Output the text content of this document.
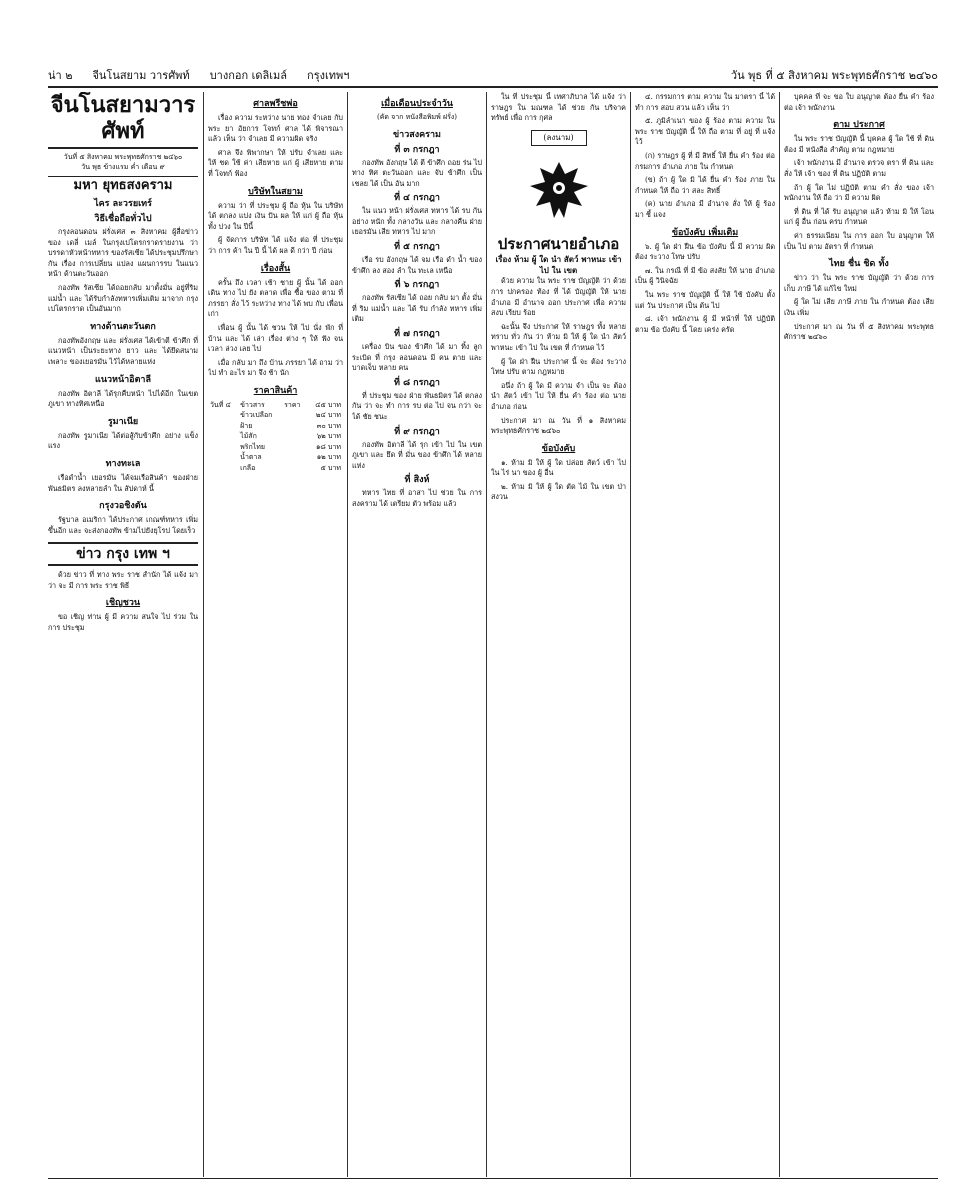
น่า ๒ จีนโนสยาม วารศัพท์ บางกอก เดลิเมล์ กรุงเทพฯ	วัน พุธ ที่ ๕ สิงหาคม พระพุทธศักราช ๒๔๖๐
จีนโนสยามวารศัพท์
วันที่ ๕ สิงหาคม พระพุทธศักราช ๒๔๖๐
วัน พุธ ข้างแรม ค่ำ เดือน ๙
มหา ยุทธสงคราม
ไคร ละวรยเทร์
วิธีเชื่อถือทั่วไป

กรุงลอนดอน ฝรั่งเศส ๓ สิงหาคม ผู้สื่อข่าวของ เดลี่ เมล์ ในกรุงเปโตรกราดรายงาน ว่า บรรดาหัวหน้าทหาร ของรัสเซีย ได้ประชุมปรึกษากัน เรื่อง การเปลี่ยน แปลง แผนการรบ ในแนวหน้า ด้านตะวันออก

กองทัพ รัสเซีย ได้ถอยกลับ มาตั้งมั่น อยู่ที่ริมแม่น้ำ และ ได้รับกำลังทหารเพิ่มเติม มาจาก กรุงเปโตรกราด เป็นอันมาก

ทางด้านตะวันตก

กองทัพอังกฤษ และ ฝรั่งเศส ได้เข้าตี ข้าศึก ที่แนวหน้า เป็นระยะทาง ยาว และ ได้ยึดสนามเพลาะ ของเยอรมัน ไว้ได้หลายแห่ง

แนวหน้าอิตาลี

กองทัพ อิตาลี ได้รุกคืบหน้า ไปได้อีก ในเขต ภูเขา ทางทิศเหนือ

รูมาเนีย

กองทัพ รูมาเนีย ได้ต่อสู้กับข้าศึก อย่าง แข็งแรง

ทางทะเล

เรือดำน้ำ เยอรมัน ได้จมเรือสินค้า ของฝ่ายพันธมิตร ลงหลายลำ ใน สัปดาห์ นี้

กรุงวอชิงตัน

รัฐบาล อเมริกา ได้ประกาศ เกณฑ์ทหาร เพิ่มขึ้นอีก และ จะส่งกองทัพ ข้ามไปยังยุโรป โดยเร็ว

ข่าว กรุง เทพ ฯ

ด้วย ข่าว ที่ ทาง พระ ราช สำนัก ได้ แจ้ง มา ว่า จะ มี การ พระ ราช พิธี

เชิญชวน

ขอ เชิญ ท่าน ผู้ มี ความ สนใจ ไป ร่วม ใน การ ประชุม

ศาลพรีชพ่อ

เรื่อง ความ ระหว่าง นาย ทอง จำเลย กับ พระ ยา อัยการ โจทก์ ศาล ได้ พิจารณา แล้ว เห็น ว่า จำเลย มี ความผิด จริง

ศาล จึง พิพากษา ให้ ปรับ จำเลย และ ให้ ชด ใช้ ค่า เสียหาย แก่ ผู้ เสียหาย ตาม ที่ โจทก์ ฟ้อง

บริษัทในสยาม

ความ ว่า ที่ ประชุม ผู้ ถือ หุ้น ใน บริษัท ได้ ตกลง แบ่ง เงิน ปัน ผล ให้ แก่ ผู้ ถือ หุ้น ทั้ง ปวง ใน ปีนี้

ผู้ จัดการ บริษัท ได้ แจ้ง ต่อ ที่ ประชุม ว่า การ ค้า ใน ปี นี้ ได้ ผล ดี กว่า ปี ก่อน

เรื่องสั้น

ครั้น ถึง เวลา เช้า ชาย ผู้ นั้น ได้ ออก เดิน ทาง ไป ยัง ตลาด เพื่อ ซื้อ ของ ตาม ที่ ภรรยา สั่ง ไว้ ระหว่าง ทาง ได้ พบ กับ เพื่อน เก่า

เพื่อน ผู้ นั้น ได้ ชวน ให้ ไป นั่ง พัก ที่ บ้าน และ ได้ เล่า เรื่อง ต่าง ๆ ให้ ฟัง จน เวลา ล่วง เลย ไป

เมื่อ กลับ มา ถึง บ้าน ภรรยา ได้ ถาม ว่า ไป ทำ อะไร มา จึง ช้า นัก

ราคาสินค้า
วันที่ ๔	ข้าวสาร	ราคา	๔๕ บาท
	ข้าวเปลือก		๒๔ บาท
	ฝ้าย		๓๐ บาท
	ไม้สัก		๖๒ บาท
	พริกไทย		๑๘ บาท
	น้ำตาล		๑๒ บาท
	เกลือ		๕ บาท
เมื่อเดือนประจำวัน
(คัด จาก หนังสือพิมพ์ ฝรั่ง)
ข่าวสงคราม
ที่ ๓ กรกฎา

กองทัพ อังกฤษ ได้ ตี ข้าศึก ถอย ร่น ไป ทาง ทิศ ตะวันออก และ จับ ข้าศึก เป็น เชลย ได้ เป็น อัน มาก

ที่ ๔ กรกฎา

ใน แนว หน้า ฝรั่งเศส ทหาร ได้ รบ กัน อย่าง หนัก ทั้ง กลางวัน และ กลางคืน ฝ่าย เยอรมัน เสีย ทหาร ไป มาก

ที่ ๕ กรกฎา

เรือ รบ อังกฤษ ได้ จม เรือ ดำ น้ำ ของ ข้าศึก ลง สอง ลำ ใน ทะเล เหนือ

ที่ ๖ กรกฎา

กองทัพ รัสเซีย ได้ ถอย กลับ มา ตั้ง มั่น ที่ ริม แม่น้ำ และ ได้ รับ กำลัง ทหาร เพิ่ม เติม

ที่ ๗ กรกฎา

เครื่อง บิน ของ ข้าศึก ได้ มา ทิ้ง ลูก ระเบิด ที่ กรุง ลอนดอน มี คน ตาย และ บาดเจ็บ หลาย คน

ที่ ๘ กรกฎา

ที่ ประชุม ของ ฝ่าย พันธมิตร ได้ ตกลง กัน ว่า จะ ทำ การ รบ ต่อ ไป จน กว่า จะ ได้ ชัย ชนะ

ที่ ๙ กรกฎา

กองทัพ อิตาลี ได้ รุก เข้า ไป ใน เขต ภูเขา และ ยึด ที่ มั่น ของ ข้าศึก ได้ หลาย แห่ง

ที่ สิงห์

ทหาร ไทย ที่ อาสา ไป ช่วย ใน การ สงคราม ได้ เตรียม ตัว พร้อม แล้ว

ใน ที่ ประชุม นี้ เทศาภิบาล ได้ แจ้ง ว่า ราษฎร ใน มณฑล ได้ ช่วย กัน บริจาค ทรัพย์ เพื่อ การ กุศล

(ลงนาม)
ประกาศนายอำเภอ
เรื่อง ห้าม ผู้ ใด นำ สัตว์ พาหนะ เข้า ไป ใน เขต

ด้วย ความ ใน พระ ราช บัญญัติ ว่า ด้วย การ ปกครอง ท้อง ที่ ได้ บัญญัติ ให้ นาย อำเภอ มี อำนาจ ออก ประกาศ เพื่อ ความ สงบ เรียบ ร้อย

ฉะนั้น จึง ประกาศ ให้ ราษฎร ทั้ง หลาย ทราบ ทั่ว กัน ว่า ห้าม มิ ให้ ผู้ ใด นำ สัตว์ พาหนะ เข้า ไป ใน เขต ที่ กำหนด ไว้

ผู้ ใด ฝ่า ฝืน ประกาศ นี้ จะ ต้อง ระวาง โทษ ปรับ ตาม กฎหมาย

อนึ่ง ถ้า ผู้ ใด มี ความ จำ เป็น จะ ต้อง นำ สัตว์ เข้า ไป ให้ ยื่น คำ ร้อง ต่อ นาย อำเภอ ก่อน

ประกาศ มา ณ วัน ที่ ๑ สิงหาคม พระพุทธศักราช ๒๔๖๐

ข้อบังคับ

๑. ห้าม มิ ให้ ผู้ ใด ปล่อย สัตว์ เข้า ไป ใน ไร่ นา ของ ผู้ อื่น

๒. ห้าม มิ ให้ ผู้ ใด ตัด ไม้ ใน เขต ป่า สงวน

๔. กรรมการ ตาม ความ ใน มาตรา นี้ ได้ ทำ การ สอบ สวน แล้ว เห็น ว่า

๕. ภูมิลำเนา ของ ผู้ ร้อง ตาม ความ ใน พระ ราช บัญญัติ นี้ ให้ ถือ ตาม ที่ อยู่ ที่ แจ้ง ไว้

(ก) ราษฎร ผู้ ที่ มี สิทธิ์ ให้ ยื่น คำ ร้อง ต่อ กรมการ อำเภอ ภาย ใน กำหนด

(ข) ถ้า ผู้ ใด มิ ได้ ยื่น คำ ร้อง ภาย ใน กำหนด ให้ ถือ ว่า สละ สิทธิ์

(ค) นาย อำเภอ มี อำนาจ สั่ง ให้ ผู้ ร้อง มา ชี้ แจง

ข้อบังคับ เพิ่มเติม

๖. ผู้ ใด ฝ่า ฝืน ข้อ บังคับ นี้ มี ความ ผิด ต้อง ระวาง โทษ ปรับ

๗. ใน กรณี ที่ มี ข้อ สงสัย ให้ นาย อำเภอ เป็น ผู้ วินิจฉัย

ใน พระ ราช บัญญัติ นี้ ให้ ใช้ บังคับ ตั้ง แต่ วัน ประกาศ เป็น ต้น ไป

๘. เจ้า พนักงาน ผู้ มี หน้าที่ ให้ ปฏิบัติ ตาม ข้อ บังคับ นี้ โดย เคร่ง ครัด

บุคคล ที่ จะ ขอ ใบ อนุญาต ต้อง ยื่น คำ ร้อง ต่อ เจ้า พนักงาน

ตาม ประกาศ

ใน พระ ราช บัญญัติ นี้ บุคคล ผู้ ใด ใช้ ที่ ดิน ต้อง มี หนังสือ สำคัญ ตาม กฎหมาย

เจ้า พนักงาน มี อำนาจ ตรวจ ตรา ที่ ดิน และ สั่ง ให้ เจ้า ของ ที่ ดิน ปฏิบัติ ตาม

ถ้า ผู้ ใด ไม่ ปฏิบัติ ตาม คำ สั่ง ของ เจ้า พนักงาน ให้ ถือ ว่า มี ความ ผิด

ที่ ดิน ที่ ได้ รับ อนุญาต แล้ว ห้าม มิ ให้ โอน แก่ ผู้ อื่น ก่อน ครบ กำหนด

ค่า ธรรมเนียม ใน การ ออก ใบ อนุญาต ให้ เป็น ไป ตาม อัตรา ที่ กำหนด

ไทย ชื่น ชิด ทั้ง

ข่าว ว่า ใน พระ ราช บัญญัติ ว่า ด้วย การ เก็บ ภาษี ได้ แก้ไข ใหม่

ผู้ ใด ไม่ เสีย ภาษี ภาย ใน กำหนด ต้อง เสีย เงิน เพิ่ม

ประกาศ มา ณ วัน ที่ ๕ สิงหาคม พระพุทธศักราช ๒๔๖๐
